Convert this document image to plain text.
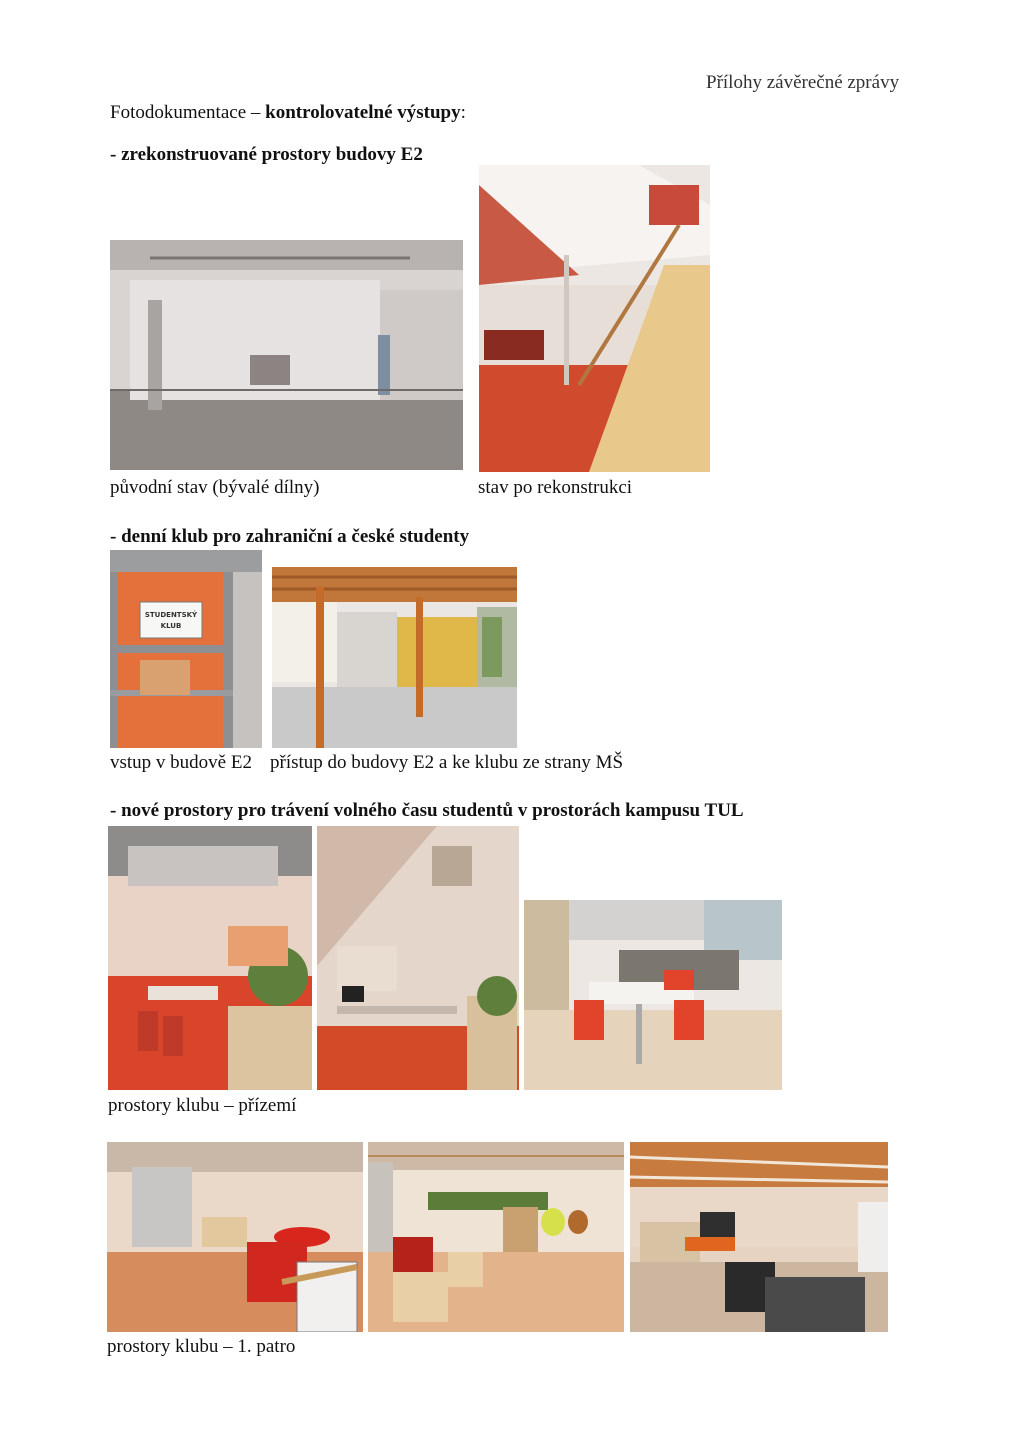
Přílohy závěrečné zprávy
Fotodokumentace – kontrolovatelné výstupy:
- zrekonstruované prostory budovy E2
původní stav (bývalé dílny)	stav po rekonstrukci
- denní klub pro zahraniční a české studenty
STUDENTSKÝ
KLUB
vstup v budově E2 přístup do budovy E2 a ke klubu ze strany MŠ
- nové prostory pro trávení volného času studentů v prostorách kampusu TUL
prostory klubu – přízemí
prostory klubu – 1. patro
